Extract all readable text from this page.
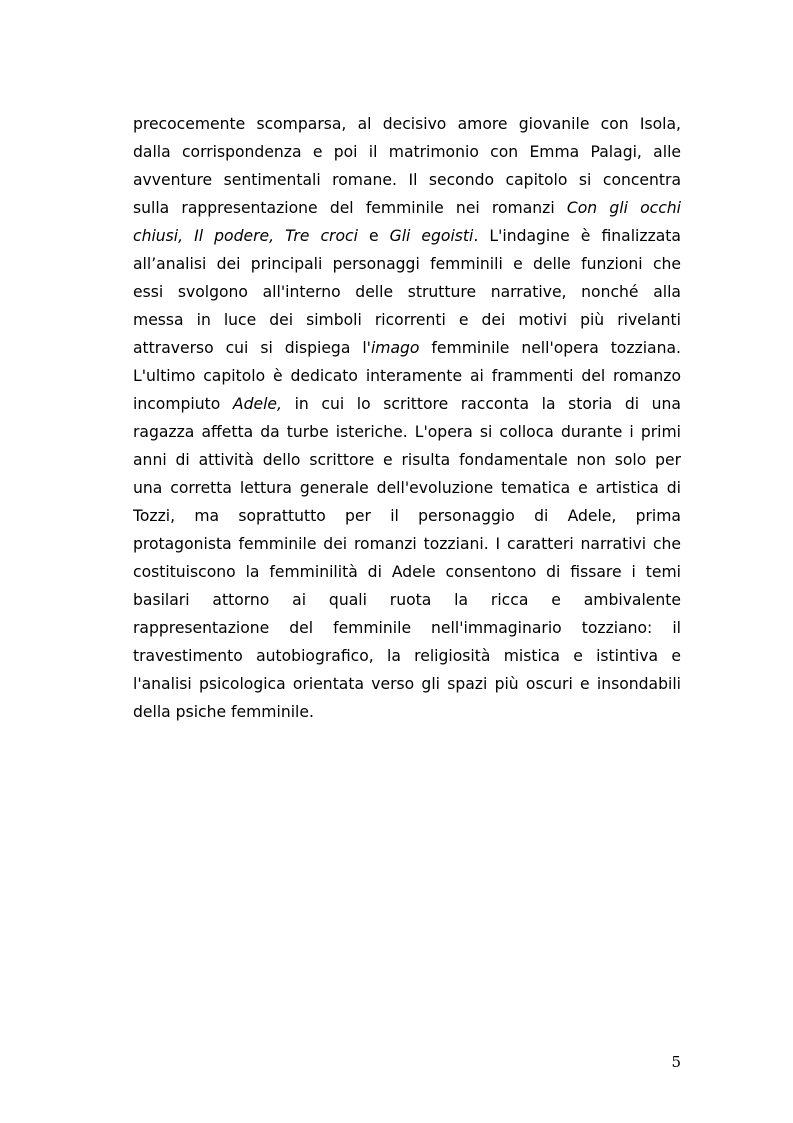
precocemente scomparsa, al decisivo amore giovanile con Isola,
dalla corrispondenza e poi il matrimonio con Emma Palagi, alle
avventure sentimentali romane. Il secondo capitolo si concentra
sulla rappresentazione del femminile nei romanzi Con gli occhi
chiusi, Il podere, Tre croci e Gli egoisti. L'indagine è finalizzata
all’analisi dei principali personaggi femminili e delle funzioni che
essi svolgono all'interno delle strutture narrative, nonché alla
messa in luce dei simboli ricorrenti e dei motivi più rivelanti
attraverso cui si dispiega l'imago femminile nell'opera tozziana.
L'ultimo capitolo è dedicato interamente ai frammenti del romanzo
incompiuto Adele, in cui lo scrittore racconta la storia di una
ragazza affetta da turbe isteriche. L'opera si colloca durante i primi
anni di attività dello scrittore e risulta fondamentale non solo per
una corretta lettura generale dell'evoluzione tematica e artistica di
Tozzi, ma soprattutto per il personaggio di Adele, prima
protagonista femminile dei romanzi tozziani. I caratteri narrativi che
costituiscono la femminilità di Adele consentono di fissare i temi
basilari attorno ai quali ruota la ricca e ambivalente
rappresentazione del femminile nell'immaginario tozziano: il
travestimento autobiografico, la religiosità mistica e istintiva e
l'analisi psicologica orientata verso gli spazi più oscuri e insondabili
della psiche femminile.
5
